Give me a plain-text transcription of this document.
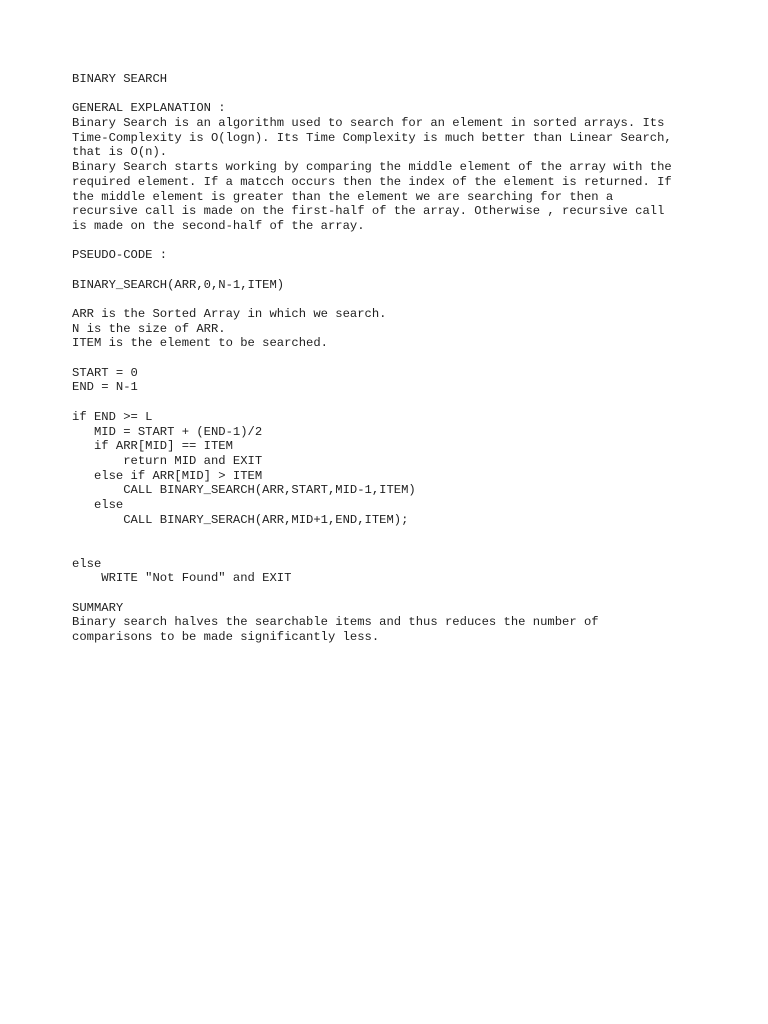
BINARY SEARCH
GENERAL EXPLANATION :
Binary Search is an algorithm used to search for an element in sorted arrays. Its
Time-Complexity is O(logn). Its Time Complexity is much better than Linear Search,
that is O(n).
Binary Search starts working by comparing the middle element of the array with the
required element. If a matcch occurs then the index of the element is returned. If
the middle element is greater than the element we are searching for then a
recursive call is made on the first-half of the array. Otherwise , recursive call
is made on the second-half of the array.
PSEUDO-CODE :
BINARY_SEARCH(ARR,0,N-1,ITEM)
ARR is the Sorted Array in which we search.
N is the size of ARR.
ITEM is the element to be searched.
START = 0
END = N-1
if END >= L
MID = START + (END-1)/2
if ARR[MID] == ITEM
return MID and EXIT
else if ARR[MID] > ITEM
CALL BINARY_SEARCH(ARR,START,MID-1,ITEM)
else
CALL BINARY_SERACH(ARR,MID+1,END,ITEM);
else
WRITE "Not Found" and EXIT
SUMMARY
Binary search halves the searchable items and thus reduces the number of
comparisons to be made significantly less.
